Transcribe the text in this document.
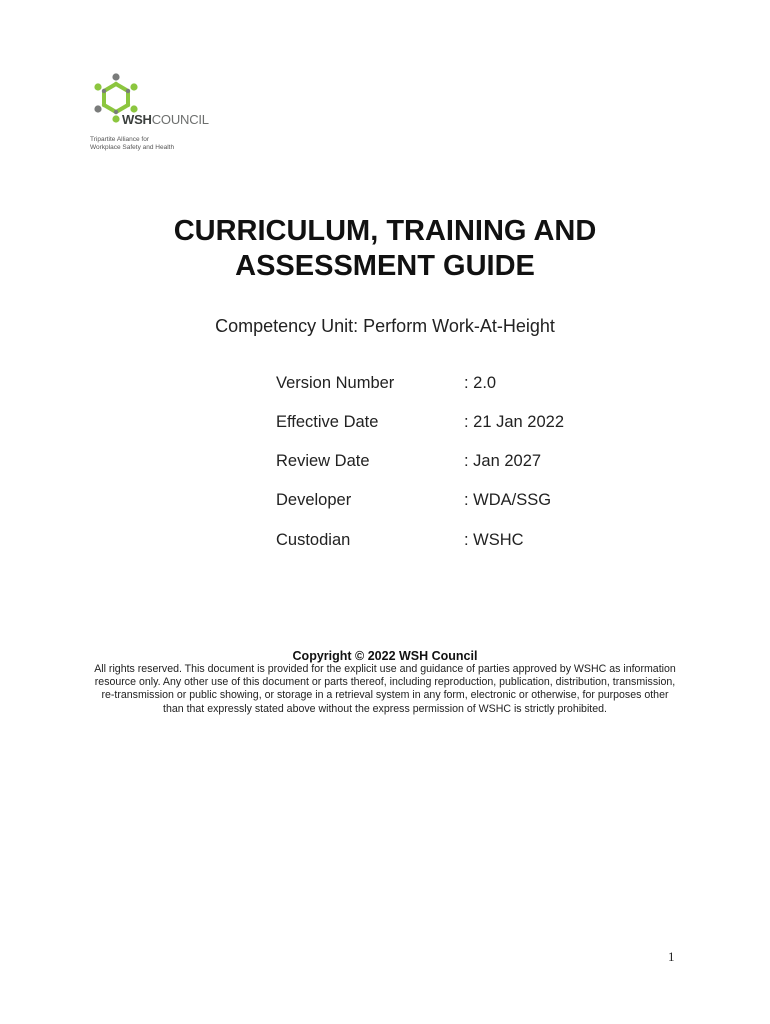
WSHCOUNCIL
Tripartite Alliance for
Workplace Safety and Health
CURRICULUM, TRAINING AND
ASSESSMENT GUIDE
Competency Unit: Perform Work-At-Height
Version Number	: 2.0
Effective Date	: 21 Jan 2022
Review Date	: Jan 2027
Developer	: WDA/SSG
Custodian	: WSHC
Copyright © 2022 WSH Council
All rights reserved. This document is provided for the explicit use and guidance of parties approved by WSHC as information resource only. Any other use of this document or parts thereof, including reproduction, publication, distribution, transmission, re-transmission or public showing, or storage in a retrieval system in any form, electronic or otherwise, for purposes other than that expressly stated above without the express permission of WSHC is strictly prohibited.
1
